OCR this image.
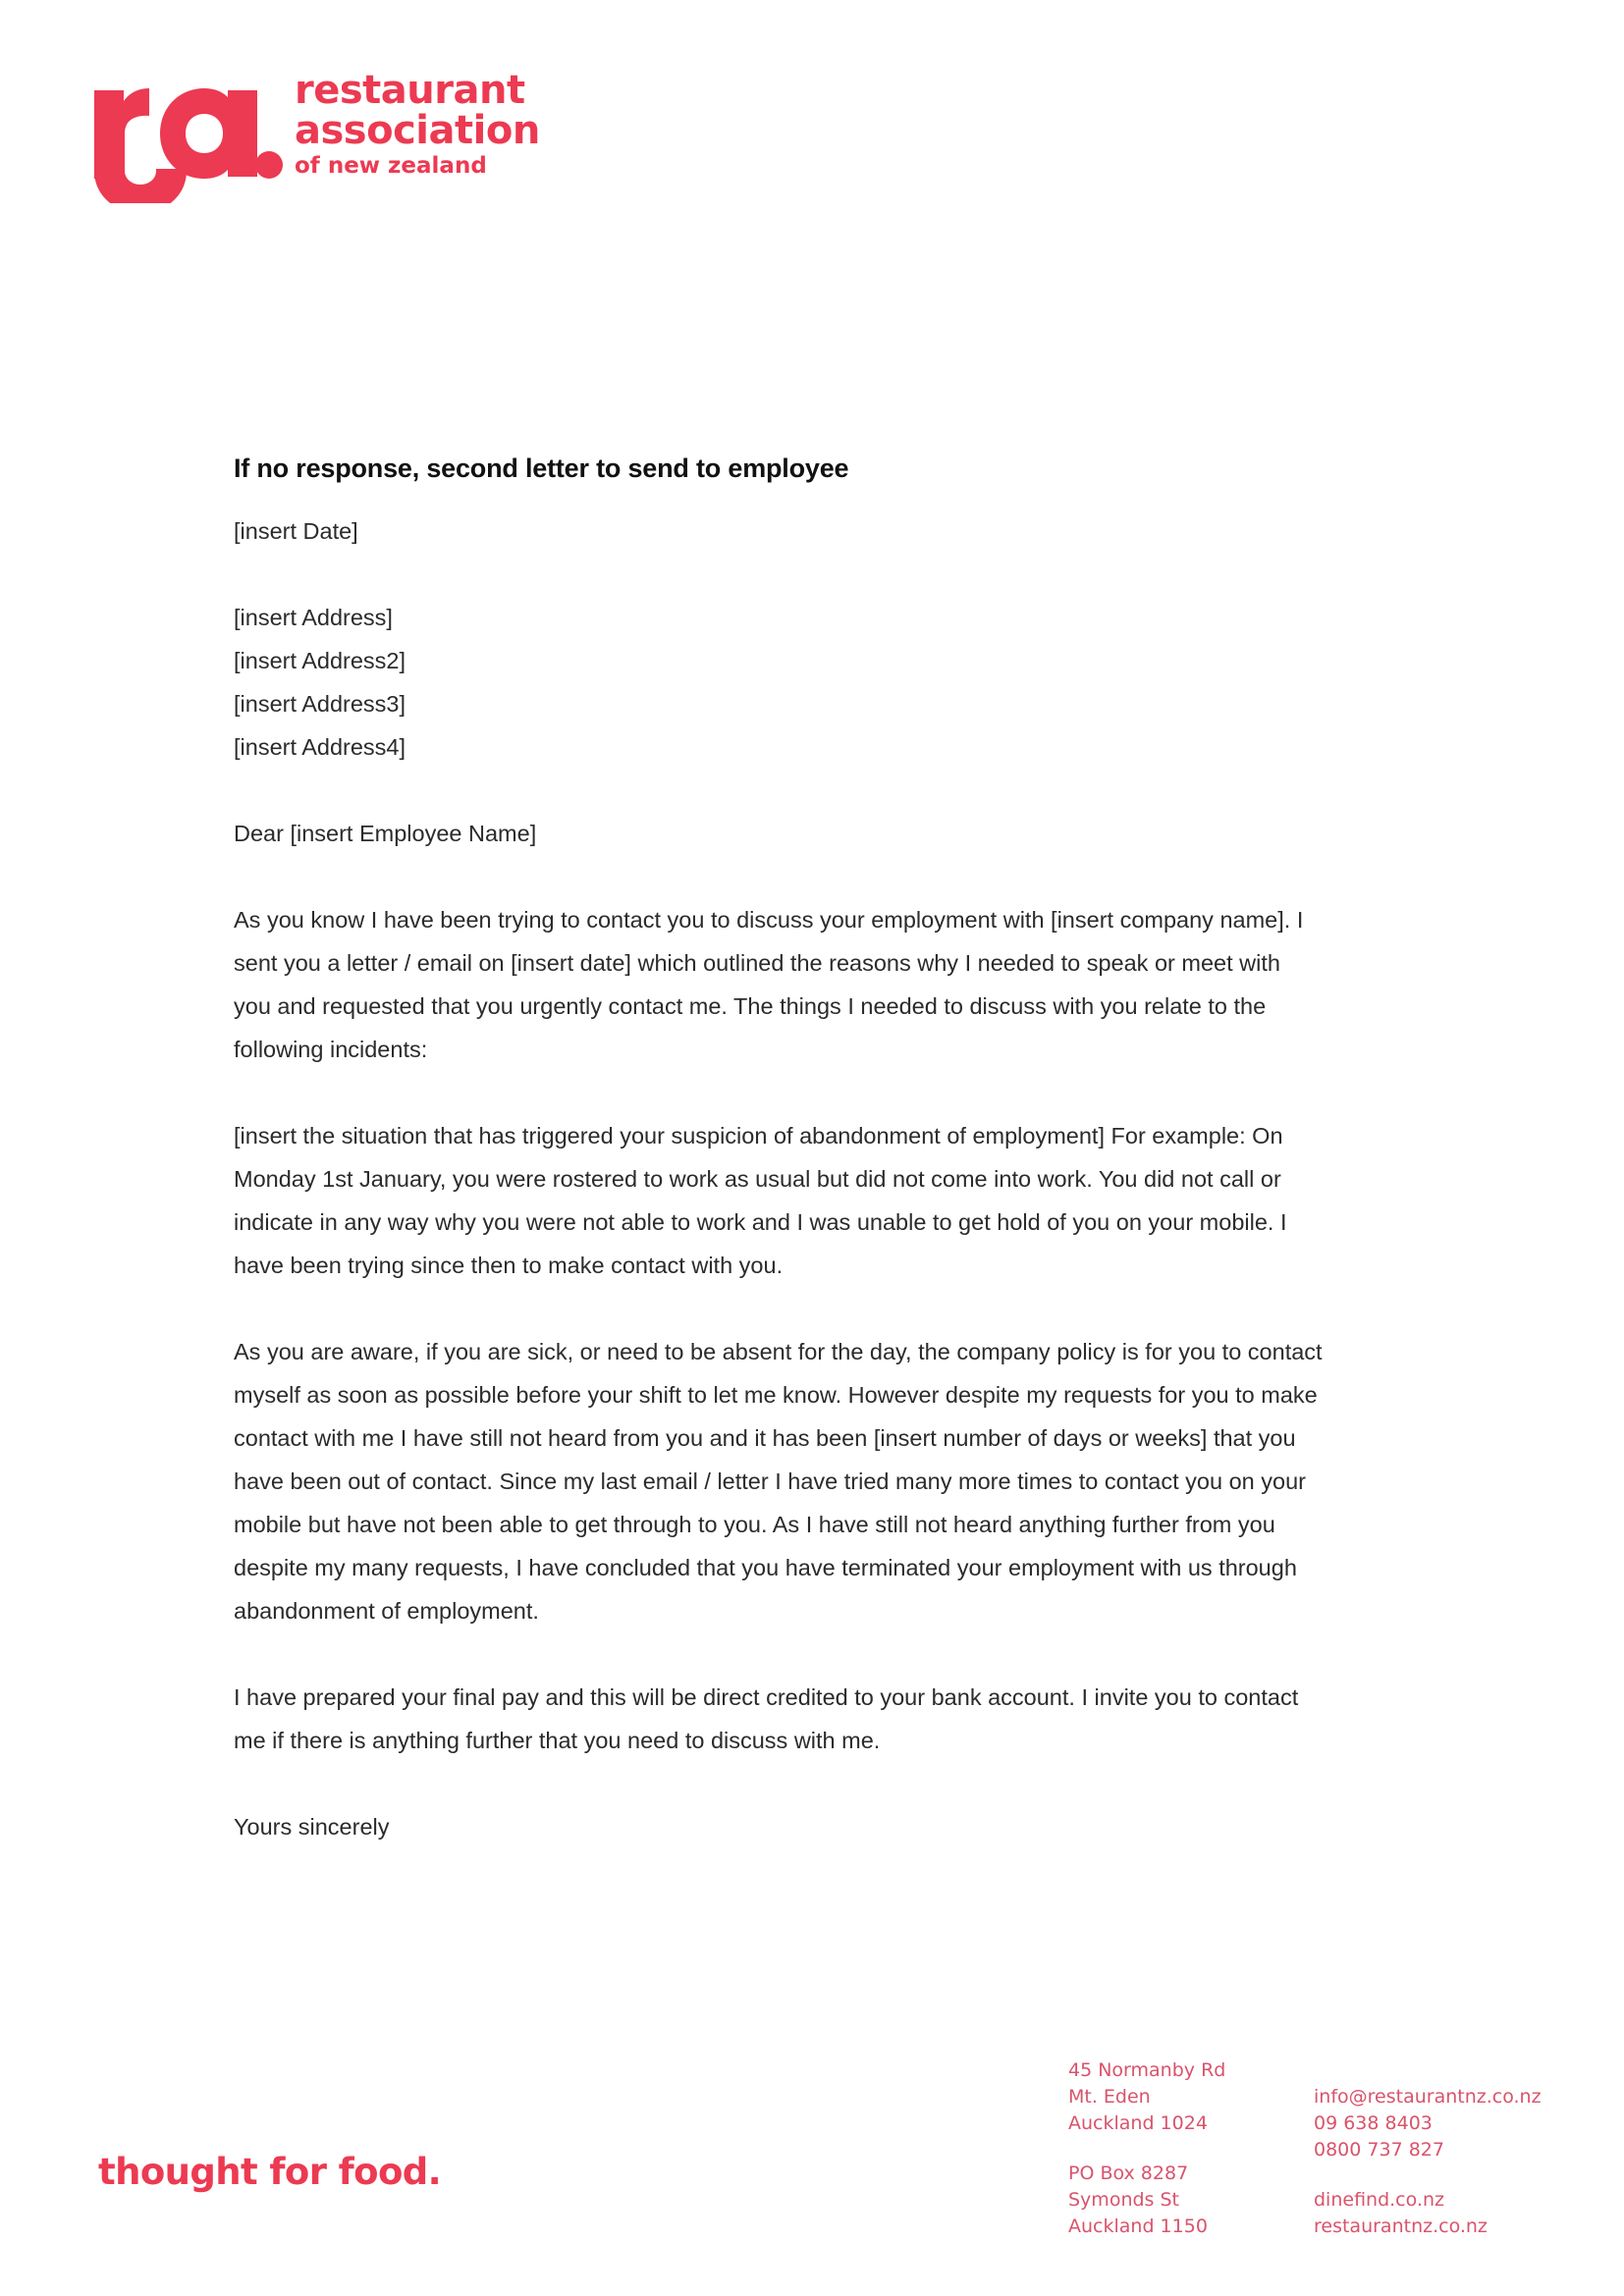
restaurant
association
of new zealand
If no response, second letter to send to employee

[insert Date]

[insert Address]

[insert Address2]

[insert Address3]

[insert Address4]

Dear [insert Employee Name]

As you know I have been trying to contact you to discuss your employment with [insert company name]. I sent you a letter / email on [insert date] which outlined the reasons why I needed to speak or meet with you and requested that you urgently contact me. The things I needed to discuss with you relate to the following incidents:

[insert the situation that has triggered your suspicion of abandonment of employment] For example: On Monday 1st January, you were rostered to work as usual but did not come into work. You did not call or indicate in any way why you were not able to work and I was unable to get hold of you on your mobile. I have been trying since then to make contact with you.

As you are aware, if you are sick, or need to be absent for the day, the company policy is for you to contact myself as soon as possible before your shift to let me know. However despite my requests for you to make contact with me I have still not heard from you and it has been [insert number of days or weeks] that you have been out of contact. Since my last email / letter I have tried many more times to contact you on your mobile but have not been able to get through to you. As I have still not heard anything further from you despite my many requests, I have concluded that you have terminated your employment with us through abandonment of employment.

I have prepared your final pay and this will be direct credited to your bank account. I invite you to contact me if there is anything further that you need to discuss with me.

Yours sincerely

thought for food.
45 Normanby Rd
Mt. Eden
Auckland 1024
PO Box 8287
Symonds St
Auckland 1150
info@restaurantnz.co.nz
09 638 8403
0800 737 827
dinefind.co.nz
restaurantnz.co.nz
